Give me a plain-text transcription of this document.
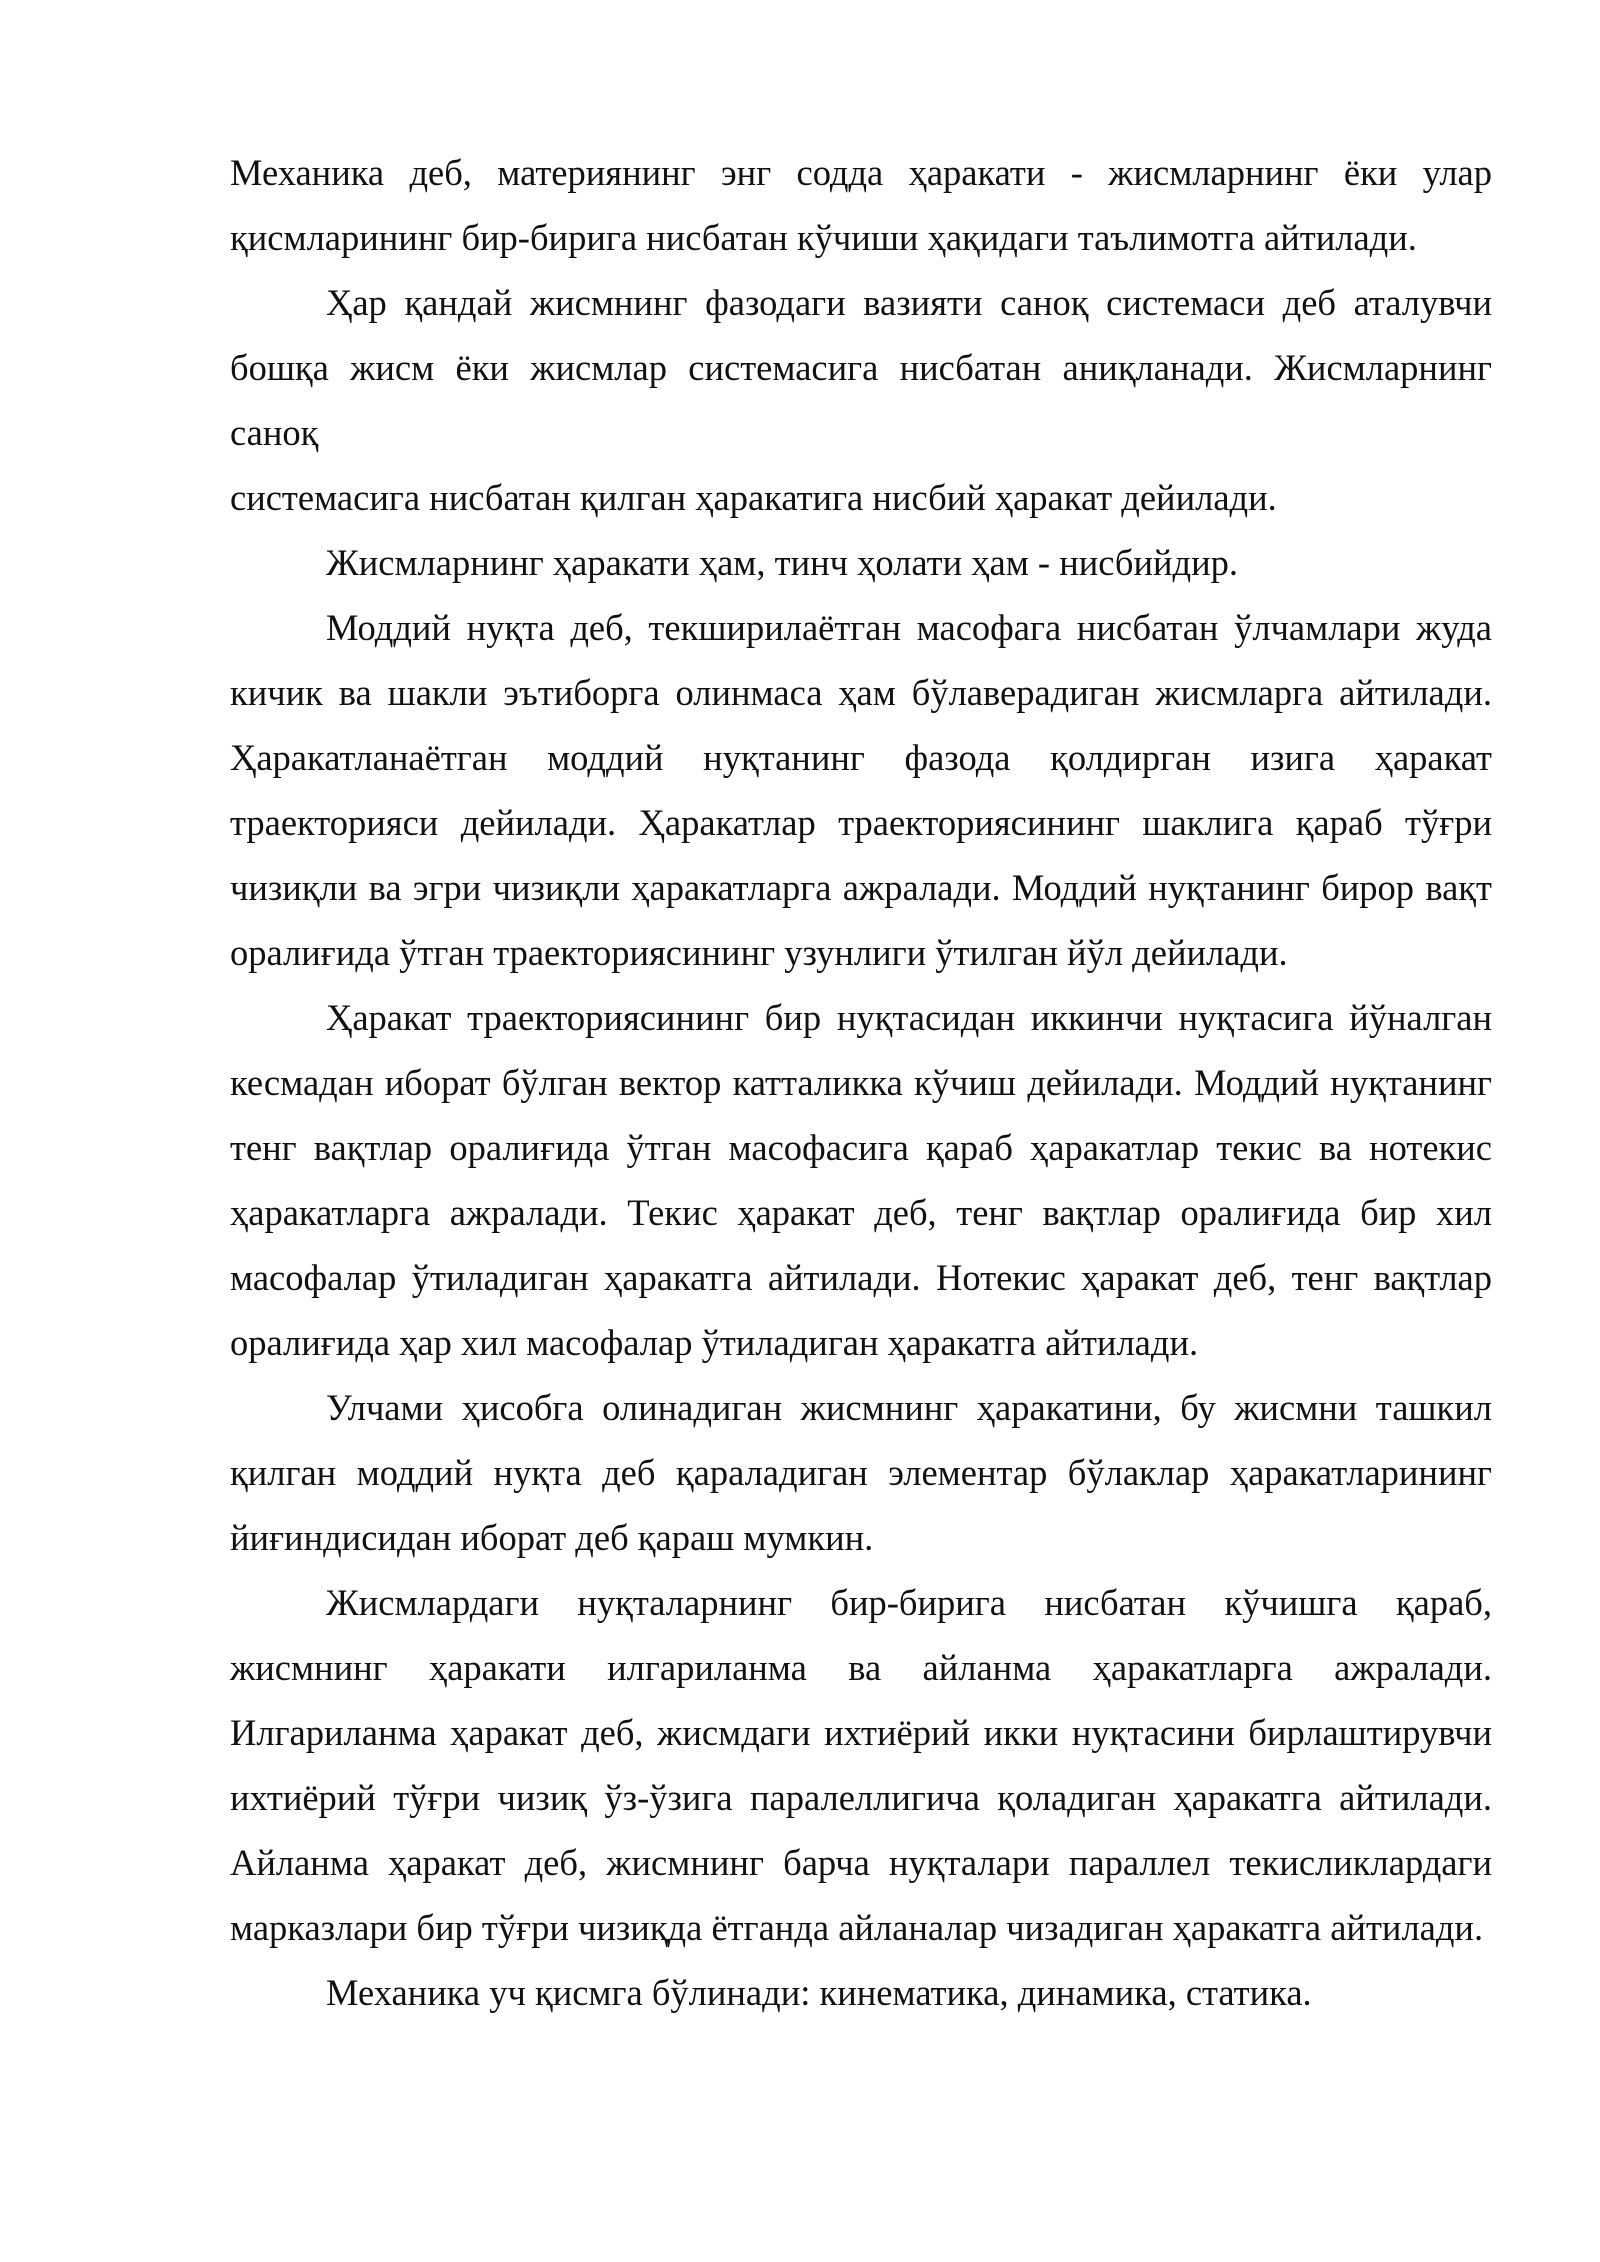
Механика деб, материянинг энг содда ҳаракати - жисмларнинг ёки улар қисмларининг бир-бирига нисбатан кўчиши ҳақидаги таълимотга айтилади.

Ҳар қандай жисмнинг фазодаги вазияти саноқ системаси деб аталувчи бошқа жисм ёки жисмлар системасига нисбатан аниқланади. Жисмларнинг саноқ

системасига нисбатан қилган ҳаракатига нисбий ҳаракат дейилади.

Жисмларнинг ҳаракати ҳам, тинч ҳолати ҳам - нисбийдир.

Моддий нуқта деб, текширилаётган масофага нисбатан ўлчамлари жуда кичик ва шакли эътиборга олинмаса ҳам бўлаверадиган жисмларга айтилади. Ҳаракатланаётган моддий нуқтанинг фазода қолдирган изига ҳаракат траекторияси дейилади. Ҳаракатлар траекториясининг шаклига қараб тўғри чизиқли ва эгри чизиқли ҳаракатларга ажралади. Моддий нуқтанинг бирор вақт оралиғида ўтган траекториясининг узунлиги ўтилган йўл дейилади.

Ҳаракат траекториясининг бир нуқтасидан иккинчи нуқтасига йўналган кесмадан иборат бўлган вектор катталикка кўчиш дейилади. Моддий нуқтанинг тенг вақтлар оралиғида ўтган масофасига қараб ҳаракатлар текис ва нотекис ҳаракатларга ажралади. Текис ҳаракат деб, тенг вақтлар оралиғида бир хил масофалар ўтиладиган ҳаракатга айтилади. Нотекис ҳаракат деб, тенг вақтлар оралиғида ҳар хил масофалар ўтиладиган ҳаракатга айтилади.

Улчами ҳисобга олинадиган жисмнинг ҳаракатини, бу жисмни ташкил қилган моддий нуқта деб қараладиган элементар бўлаклар ҳаракатларининг йиғиндисидан иборат деб қараш мумкин.

Жисмлардаги нуқталарнинг бир-бирига нисбатан кўчишга қараб, жисмнинг ҳаракати илгариланма ва айланма ҳаракатларга ажралади. Илгариланма ҳаракат деб, жисмдаги ихтиёрий икки нуқтасини бирлаштирувчи ихтиёрий тўғри чизиқ ўз-ўзига паралеллигича қоладиган ҳаракатга айтилади. Айланма ҳаракат деб, жисмнинг барча нуқталари параллел текисликлардаги марказлари бир тўғри чизиқда ётганда айланалар чизадиган ҳаракатга айтилади.

Механика уч қисмга бўлинади: кинематика, динамика, статика.
